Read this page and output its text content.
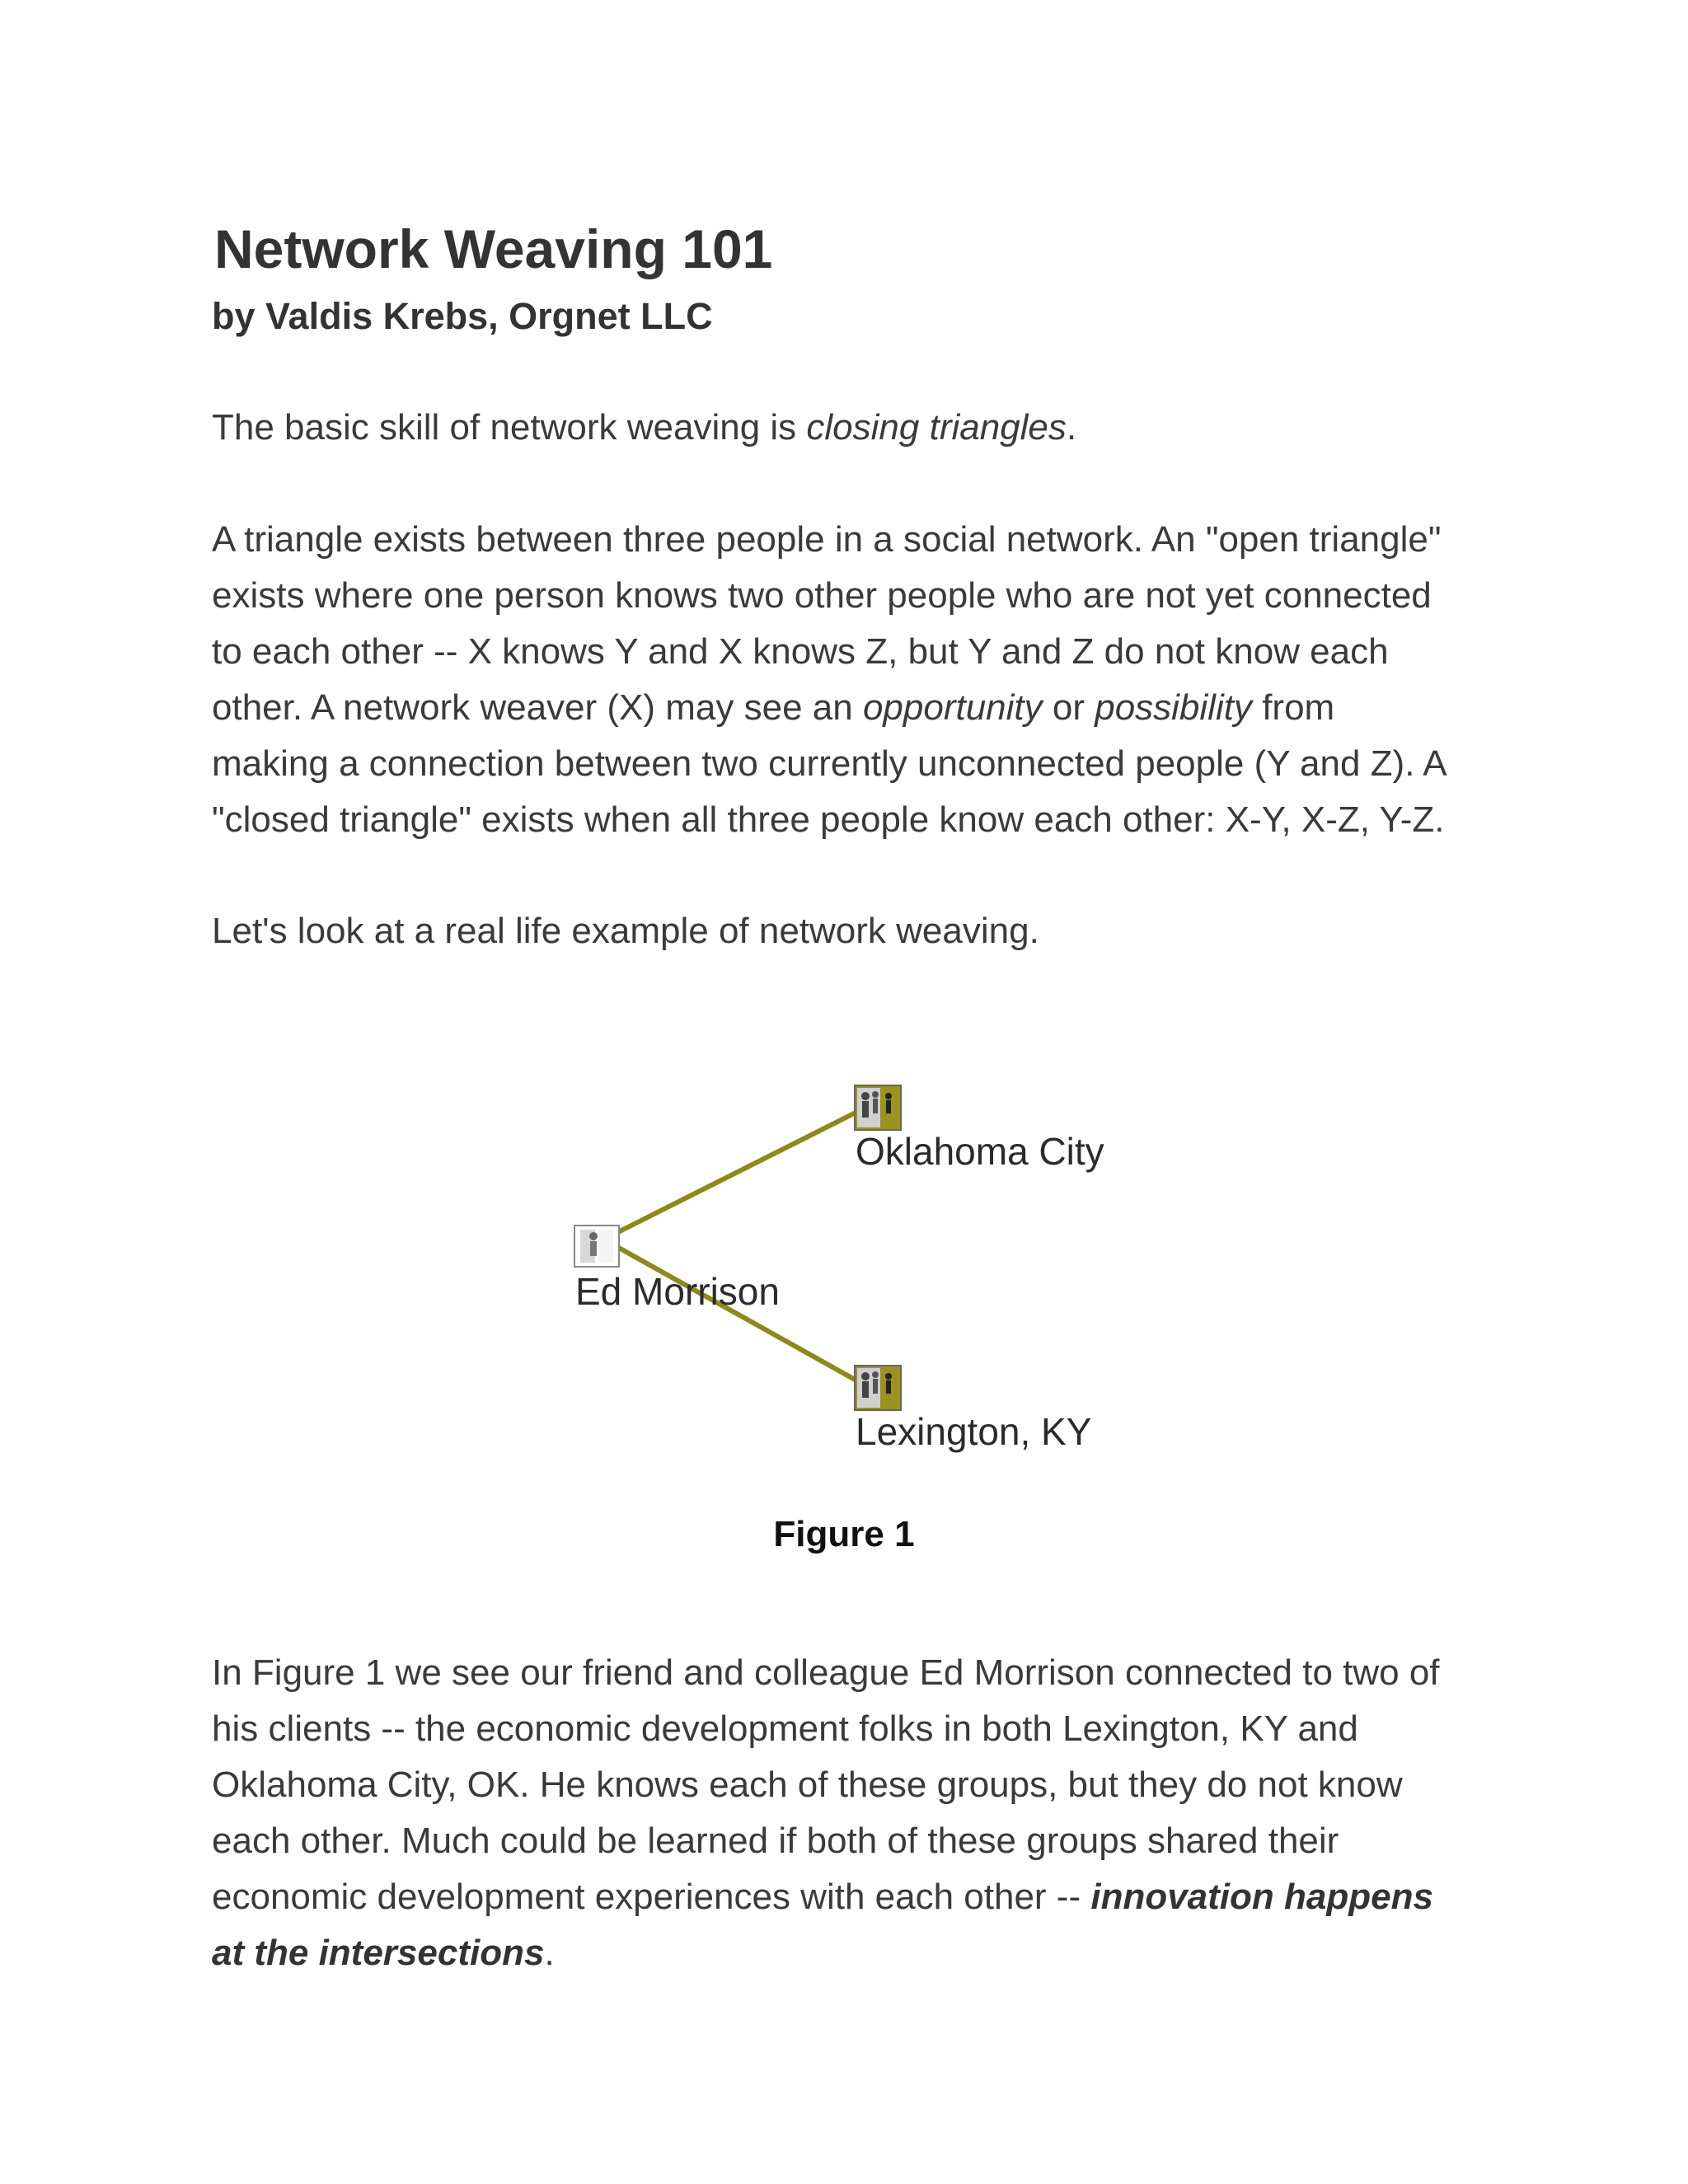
Network Weaving 101

by Valdis Krebs, Orgnet LLC

The basic skill of network weaving is closing triangles.

A triangle exists between three people in a social network. An "open triangle"
exists where one person knows two other people who are not yet connected
to each other -- X knows Y and X knows Z, but Y and Z do not know each
other. A network weaver (X) may see an opportunity or possibility from
making a connection between two currently unconnected people (Y and Z). A
"closed triangle" exists when all three people know each other: X-Y, X-Z, Y-Z.

Let's look at a real life example of network weaving.

Ed Morrison
Oklahoma City
Lexington, KY
Figure 1

In Figure 1 we see our friend and colleague Ed Morrison connected to two of
his clients -- the economic development folks in both Lexington, KY and
Oklahoma City, OK. He knows each of these groups, but they do not know
each other. Much could be learned if both of these groups shared their
economic development experiences with each other -- innovation happens
at the intersections.
